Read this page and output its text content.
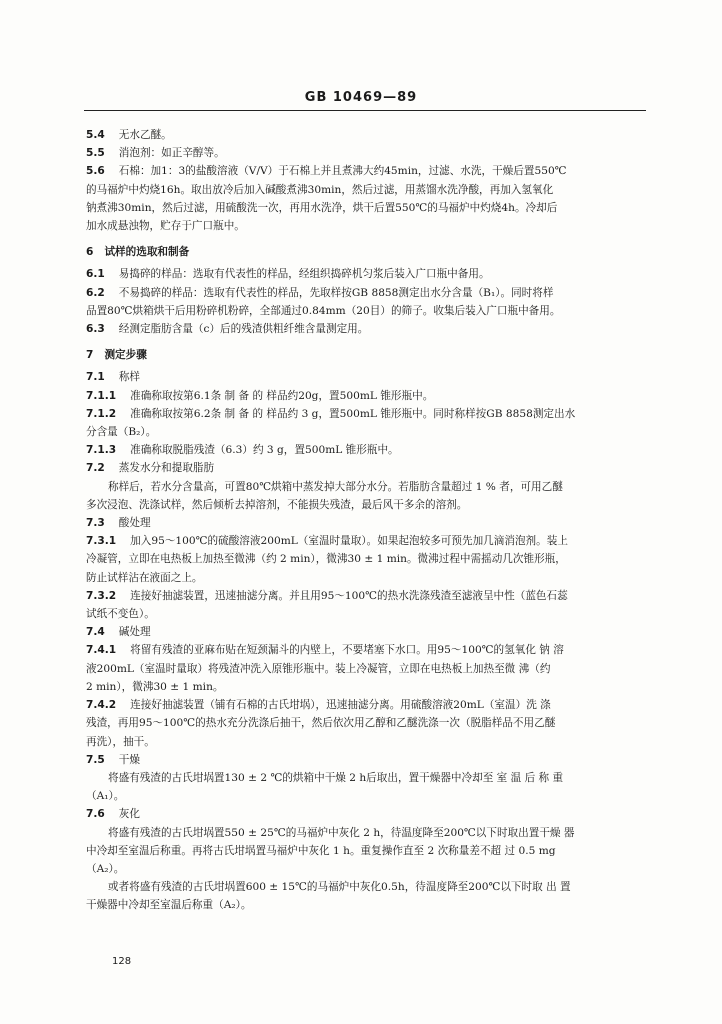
GB 10469—89

5.4 无水乙醚。

5.5 消泡剂：如正辛醇等。

5.6 石棉：加1：3的盐酸溶液（V/V）于石棉上并且煮沸大约45min，过滤、水洗，干燥后置550℃

的马福炉中灼烧16h。取出放冷后加入碱酸煮沸30min，然后过滤，用蒸馏水洗净酸，再加入氢氧化

钠煮沸30min，然后过滤，用硫酸洗一次，再用水洗净，烘干后置550℃的马福炉中灼烧4h。冷却后

加水成悬浊物，贮存于广口瓶中。

6 试样的选取和制备

6.1 易捣碎的样品：选取有代表性的样品，经组织捣碎机匀浆后装入广口瓶中备用。

6.2 不易捣碎的样品：选取有代表性的样品，先取样按GB 8858测定出水分含量（B₁）。同时将样

品置80℃烘箱烘干后用粉碎机粉碎，全部通过0.84mm（20目）的筛子。收集后装入广口瓶中备用。

6.3 经测定脂肪含量（c）后的残渣供粗纤维含量测定用。

7 测定步骤

7.1 称样

7.1.1 准确称取按第6.1条 制 备 的 样品约20g，置500mL 锥形瓶中。

7.1.2 准确称取按第6.2条 制 备 的 样品约 3 g，置500mL 锥形瓶中。同时称样按GB 8858测定出水

分含量（B₂）。

7.1.3 准确称取脱脂残渣（6.3）约 3 g，置500mL 锥形瓶中。

7.2 蒸发水分和提取脂肪

称样后，若水分含量高，可置80℃烘箱中蒸发掉大部分水分。若脂肪含量超过 1 % 者，可用乙醚

多次浸泡、洗涤试样，然后倾析去掉溶剂，不能损失残渣，最后风干多余的溶剂。

7.3 酸处理

7.3.1 加入95～100℃的硫酸溶液200mL（室温时量取）。如果起泡较多可预先加几滴消泡剂。装上

冷凝管，立即在电热板上加热至微沸（约 2 min），微沸30 ± 1 min。微沸过程中需摇动几次锥形瓶，

防止试样沾在液面之上。

7.3.2 连接好抽滤装置，迅速抽滤分离。并且用95～100℃的热水洗涤残渣至滤液呈中性（蓝色石蕊

试纸不变色）。

7.4 碱处理

7.4.1 将留有残渣的亚麻布贴在短颈漏斗的内壁上，不要堵塞下水口。用95～100℃的氢氧化 钠 溶

液200mL（室温时量取）将残渣冲洗入原锥形瓶中。装上冷凝管，立即在电热板上加热至微 沸（约

2 min），微沸30 ± 1 min。

7.4.2 连接好抽滤装置（铺有石棉的古氏坩埚），迅速抽滤分离。用硫酸溶液20mL（室温）洗 涤

残渣，再用95～100℃的热水充分洗涤后抽干，然后依次用乙醇和乙醚洗涤一次（脱脂样品不用乙醚

再洗），抽干。

7.5 干燥

将盛有残渣的古氏坩埚置130 ± 2 ℃的烘箱中干燥 2 h后取出，置干燥器中冷却至 室 温 后 称 重

（A₁）。

7.6 灰化

将盛有残渣的古氏坩埚置550 ± 25℃的马福炉中灰化 2 h，待温度降至200℃以下时取出置干燥 器

中冷却至室温后称重。再将古氏坩埚置马福炉中灰化 1 h。重复操作直至 2 次称量差不超 过 0.5 mg

（A₂）。

或者将盛有残渣的古氏坩埚置600 ± 15℃的马福炉中灰化0.5h，待温度降至200℃以下时取 出 置

干燥器中冷却至室温后称重（A₂）。

128
